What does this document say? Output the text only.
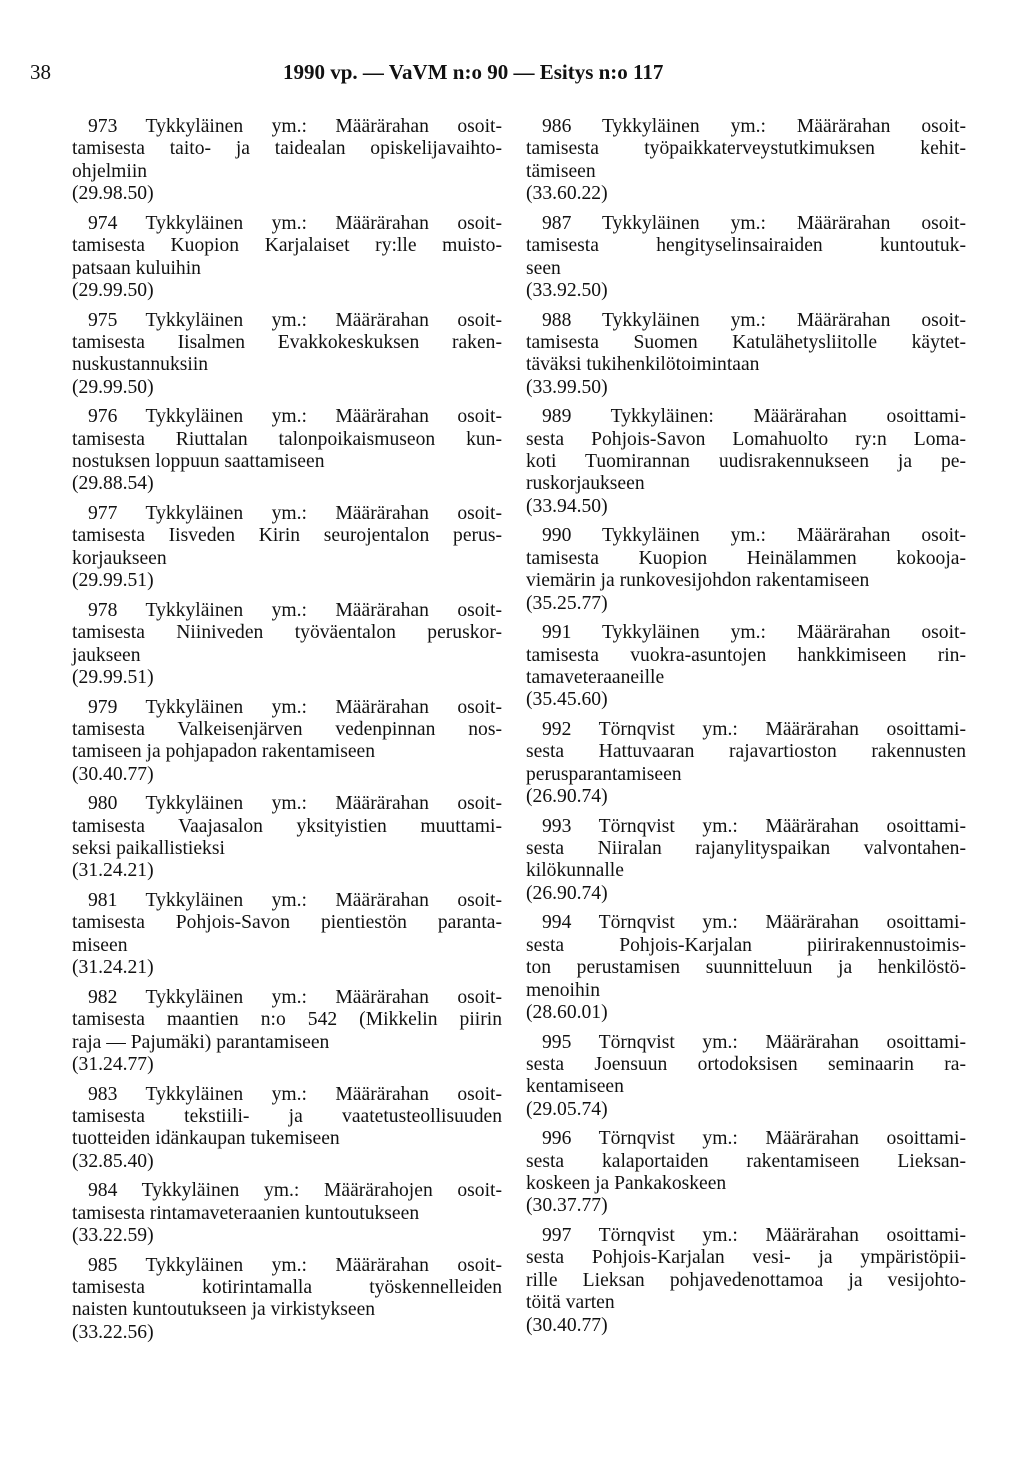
38	1990 vp. — VaVM n:o 90 — Esitys n:o 117
973 Tykkyläinen ym.: Määrärahan osoit-
tamisesta taito- ja taidealan opiskelijavaihto-
ohjelmiin
(29.98.50)
974 Tykkyläinen ym.: Määrärahan osoit-
tamisesta Kuopion Karjalaiset ry:lle muisto-
patsaan kuluihin
(29.99.50)
975 Tykkyläinen ym.: Määrärahan osoit-
tamisesta Iisalmen Evakkokeskuksen raken-
nuskustannuksiin
(29.99.50)
976 Tykkyläinen ym.: Määrärahan osoit-
tamisesta Riuttalan talonpoikaismuseon kun-
nostuksen loppuun saattamiseen
(29.88.54)
977 Tykkyläinen ym.: Määrärahan osoit-
tamisesta Iisveden Kirin seurojentalon perus-
korjaukseen
(29.99.51)
978 Tykkyläinen ym.: Määrärahan osoit-
tamisesta Niiniveden työväentalon peruskor-
jaukseen
(29.99.51)
979 Tykkyläinen ym.: Määrärahan osoit-
tamisesta Valkeisenjärven vedenpinnan nos-
tamiseen ja pohjapadon rakentamiseen
(30.40.77)
980 Tykkyläinen ym.: Määrärahan osoit-
tamisesta Vaajasalon yksityistien muuttami-
seksi paikallistieksi
(31.24.21)
981 Tykkyläinen ym.: Määrärahan osoit-
tamisesta Pohjois-Savon pientiestön paranta-
miseen
(31.24.21)
982 Tykkyläinen ym.: Määrärahan osoit-
tamisesta maantien n:o 542 (Mikkelin piirin
raja — Pajumäki) parantamiseen
(31.24.77)
983 Tykkyläinen ym.: Määrärahan osoit-
tamisesta tekstiili- ja vaatetusteollisuuden
tuotteiden idänkaupan tukemiseen
(32.85.40)
984 Tykkyläinen ym.: Määrärahojen osoit-
tamisesta rintamaveteraanien kuntoutukseen
(33.22.59)
985 Tykkyläinen ym.: Määrärahan osoit-
tamisesta kotirintamalla työskennelleiden
naisten kuntoutukseen ja virkistykseen
(33.22.56)
986 Tykkyläinen ym.: Määrärahan osoit-
tamisesta työpaikkaterveystutkimuksen kehit-
tämiseen
(33.60.22)
987 Tykkyläinen ym.: Määrärahan osoit-
tamisesta hengityselinsairaiden kuntoutuk-
seen
(33.92.50)
988 Tykkyläinen ym.: Määrärahan osoit-
tamisesta Suomen Katulähetysliitolle käytet-
täväksi tukihenkilötoimintaan
(33.99.50)
989 Tykkyläinen: Määrärahan osoittami-
sesta Pohjois-Savon Lomahuolto ry:n Loma-
koti Tuomirannan uudisrakennukseen ja pe-
ruskorjaukseen
(33.94.50)
990 Tykkyläinen ym.: Määrärahan osoit-
tamisesta Kuopion Heinälammen kokooja-
viemärin ja runkovesijohdon rakentamiseen
(35.25.77)
991 Tykkyläinen ym.: Määrärahan osoit-
tamisesta vuokra-asuntojen hankkimiseen rin-
tamaveteraaneille
(35.45.60)
992 Törnqvist ym.: Määrärahan osoittami-
sesta Hattuvaaran rajavartioston rakennusten
perusparantamiseen
(26.90.74)
993 Törnqvist ym.: Määrärahan osoittami-
sesta Niiralan rajanylityspaikan valvontahen-
kilökunnalle
(26.90.74)
994 Törnqvist ym.: Määrärahan osoittami-
sesta Pohjois-Karjalan piirirakennustoimis-
ton perustamisen suunnitteluun ja henkilöstö-
menoihin
(28.60.01)
995 Törnqvist ym.: Määrärahan osoittami-
sesta Joensuun ortodoksisen seminaarin ra-
kentamiseen
(29.05.74)
996 Törnqvist ym.: Määrärahan osoittami-
sesta kalaportaiden rakentamiseen Lieksan-
koskeen ja Pankakoskeen
(30.37.77)
997 Törnqvist ym.: Määrärahan osoittami-
sesta Pohjois-Karjalan vesi- ja ympäristöpii-
rille Lieksan pohjavedenottamoa ja vesijohto-
töitä varten
(30.40.77)
